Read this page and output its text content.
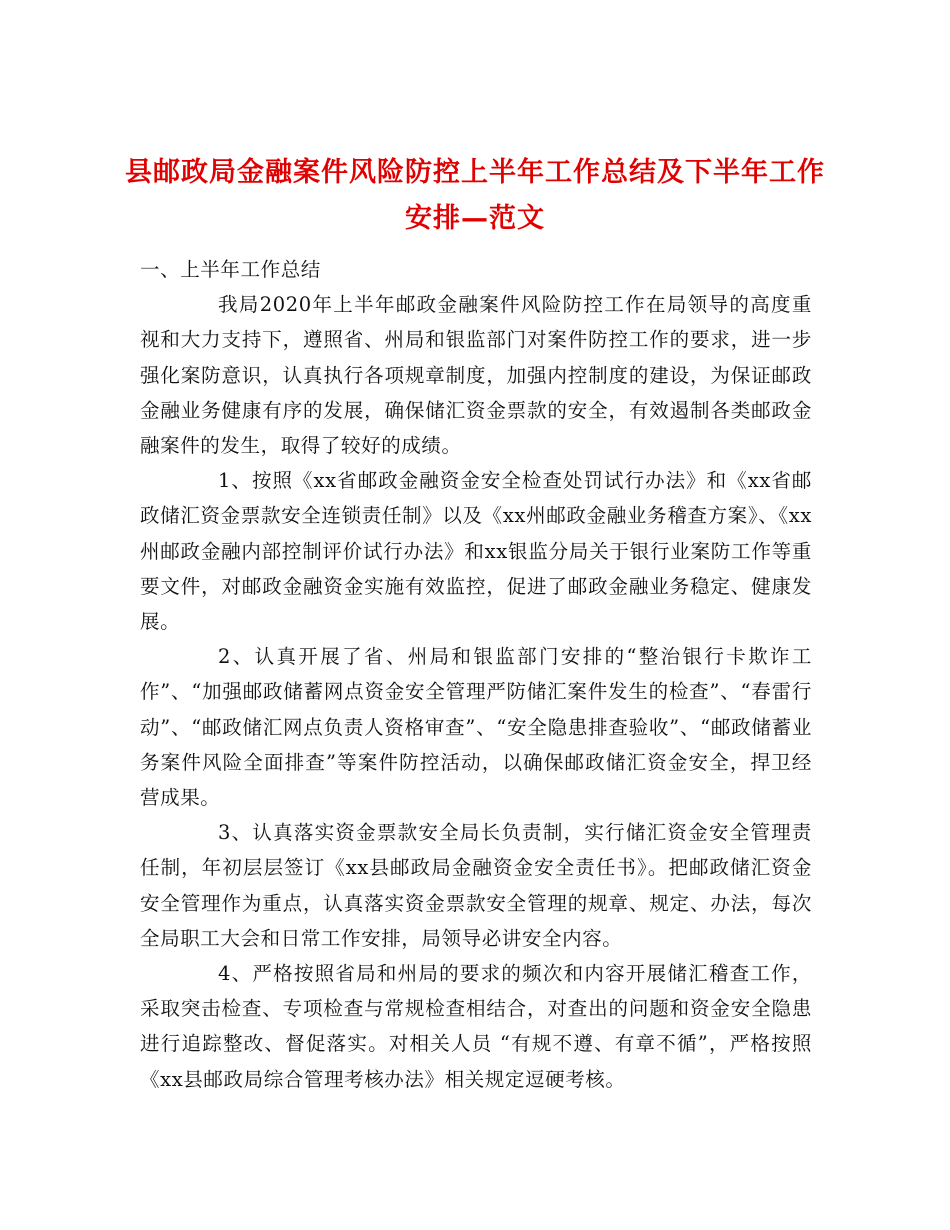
县邮政局金融案件风险防控上半年工作总结及下半年工作安排—范文

一、上半年工作总结

我局2020年上半年邮政金融案件风险防控工作在局领导的高度重视和大力支持下，遵照省、州局和银监部门对案件防控工作的要求，进一步强化案防意识，认真执行各项规章制度，加强内控制度的建设，为保证邮政金融业务健康有序的发展，确保储汇资金票款的安全，有效遏制各类邮政金融案件的发生，取得了较好的成绩。

1、按照《xx省邮政金融资金安全检查处罚试行办法》和《xx省邮政储汇资金票款安全连锁责任制》以及《xx州邮政金融业务稽查方案》、《xx州邮政金融内部控制评价试行办法》和xx银监分局关于银行业案防工作等重要文件，对邮政金融资金实施有效监控，促进了邮政金融业务稳定、健康发展。

2、认真开展了省、州局和银监部门安排的“整治银行卡欺诈工作”、“加强邮政储蓄网点资金安全管理严防储汇案件发生的检查”、“春雷行动”、“邮政储汇网点负责人资格审查”、“安全隐患排查验收”、“邮政储蓄业务案件风险全面排查”等案件防控活动，以确保邮政储汇资金安全，捍卫经营成果。

3、认真落实资金票款安全局长负责制，实行储汇资金安全管理责任制，年初层层签订《xx县邮政局金融资金安全责任书》。把邮政储汇资金安全管理作为重点，认真落实资金票款安全管理的规章、规定、办法，每次全局职工大会和日常工作安排，局领导必讲安全内容。

4、严格按照省局和州局的要求的频次和内容开展储汇稽查工作，采取突击检查、专项检查与常规检查相结合，对查出的问题和资金安全隐患进行追踪整改、督促落实。对相关人员 “有规不遵、有章不循”，严格按照《xx县邮政局综合管理考核办法》相关规定逗硬考核。
